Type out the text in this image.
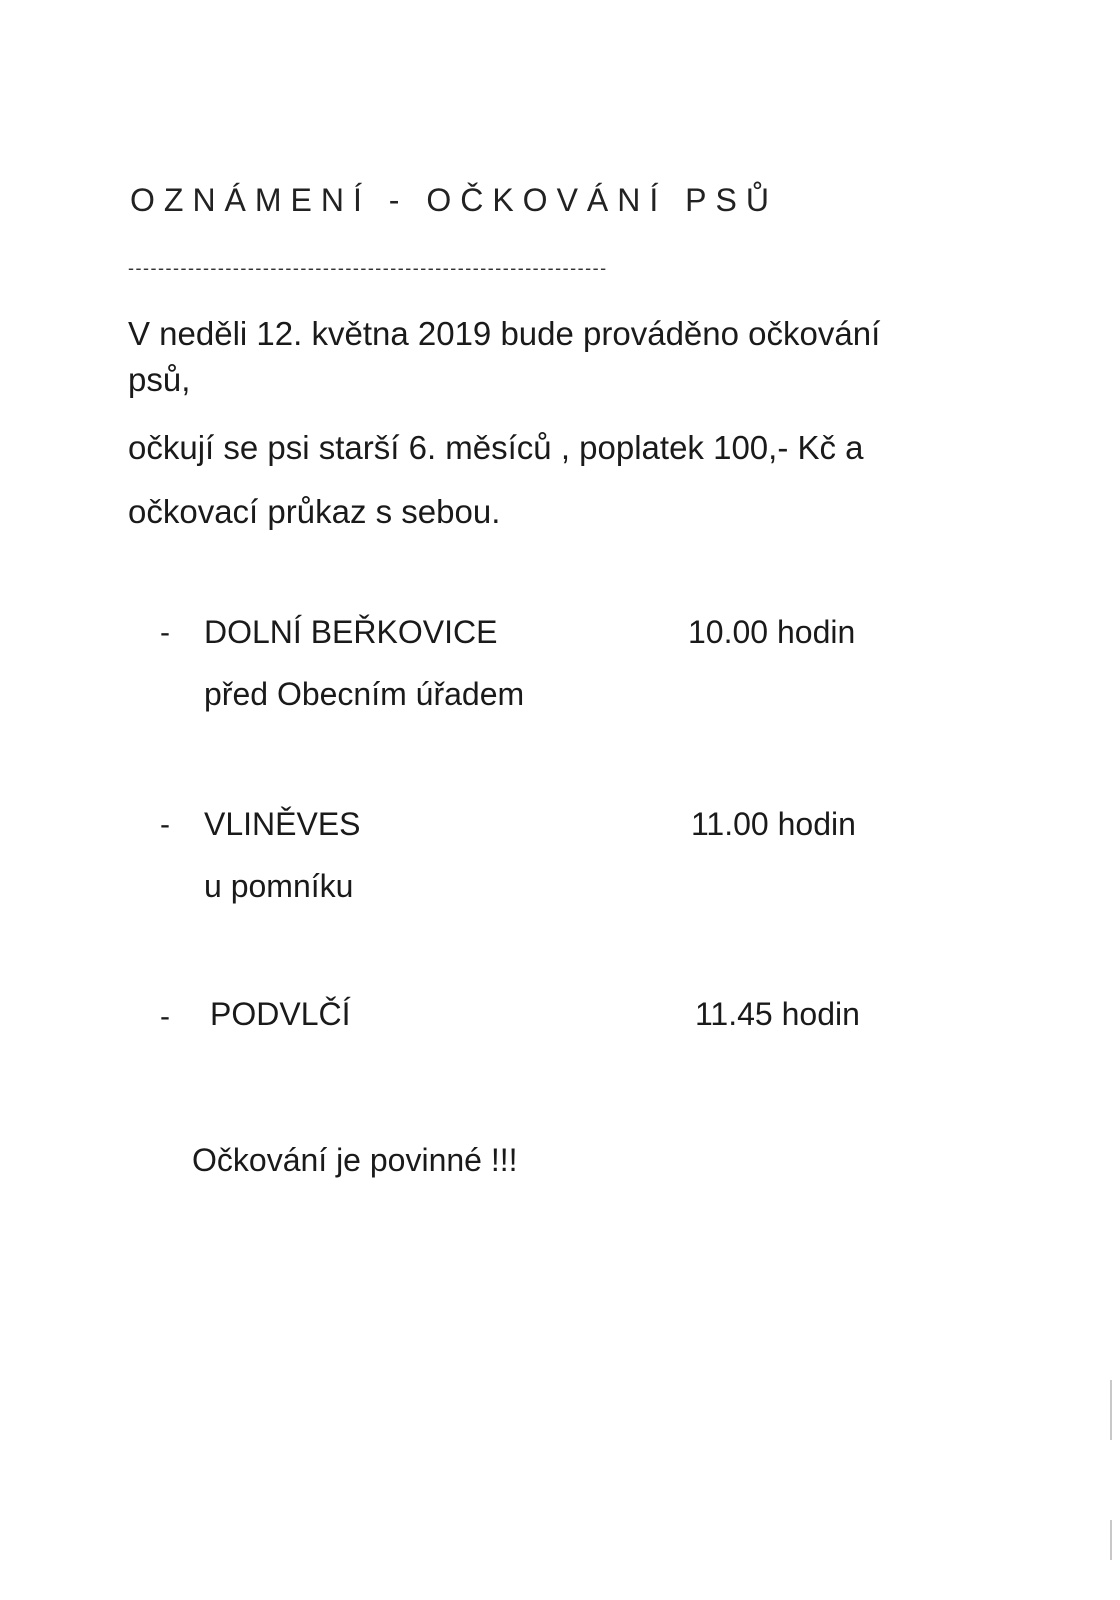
OZNÁMENÍ - OČKOVÁNÍ PSŮ
----------------------------------------------------------------
V neděli 12. května 2019 bude prováděno očkování
psů,
očkují se psi starší 6. měsíců , poplatek 100,- Kč a
očkovací průkaz s sebou.
- DOLNÍ BEŘKOVICE	10.00 hodin
před Obecním úřadem
- VLINĚVES	11.00 hodin
u pomníku
- PODVLČÍ	11.45 hodin
Očkování je povinné !!!
